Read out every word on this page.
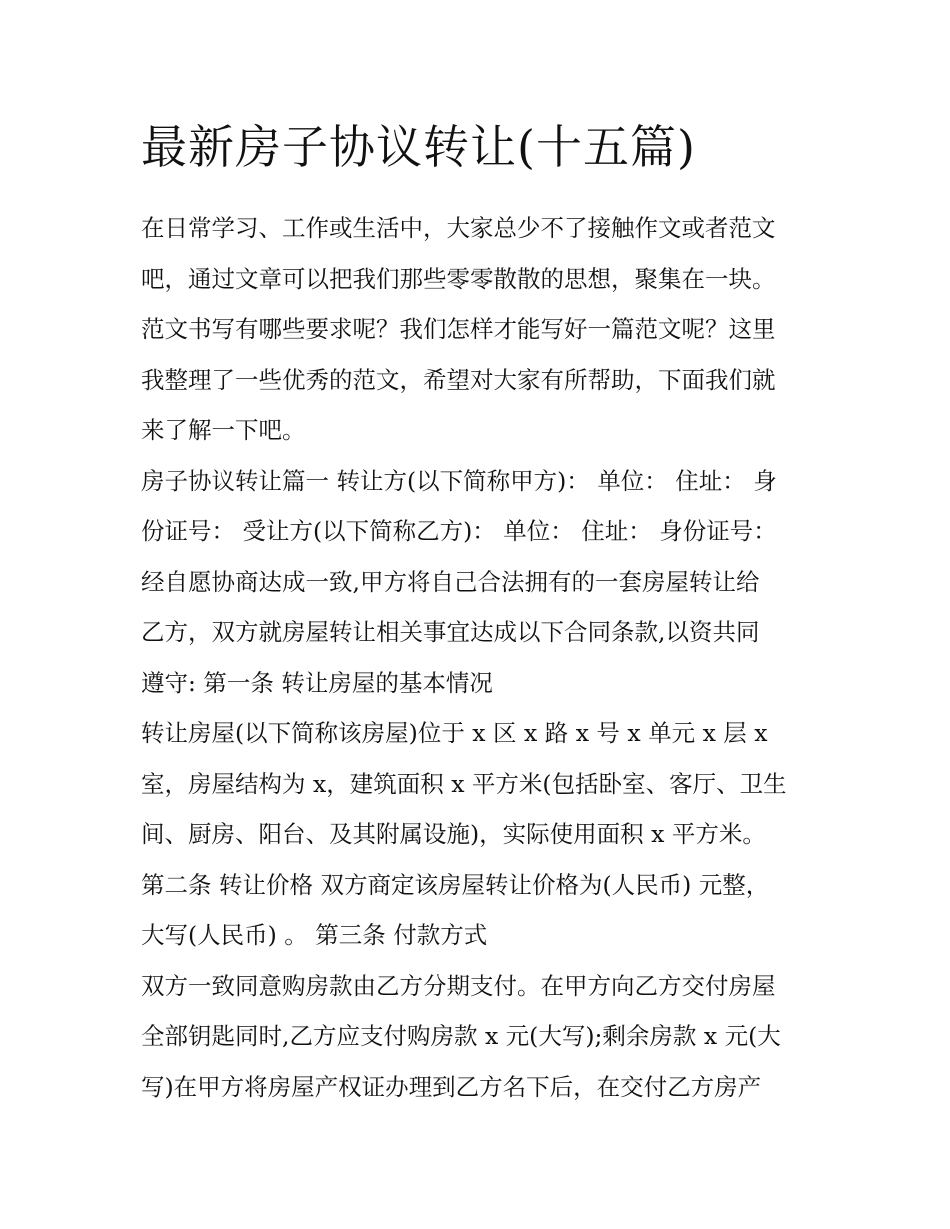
最新房子协议转让(十五篇)

在日常学习、工作或生活中，大家总少不了接触作文或者范文

吧，通过文章可以把我们那些零零散散的思想，聚集在一块。

范文书写有哪些要求呢？我们怎样才能写好一篇范文呢？这里

我整理了一些优秀的范文，希望对大家有所帮助，下面我们就

来了解一下吧。

房子协议转让篇一 转让方(以下简称甲方)： 单位： 住址： 身

份证号： 受让方(以下简称乙方)： 单位： 住址： 身份证号：

经自愿协商达成一致,甲方将自己合法拥有的一套房屋转让给

乙方，双方就房屋转让相关事宜达成以下合同条款,以资共同

遵守: 第一条 转让房屋的基本情况

转让房屋(以下简称该房屋)位于 x 区 x 路 x 号 x 单元 x 层 x

室，房屋结构为 x，建筑面积 x 平方米(包括卧室、客厅、卫生

间、厨房、阳台、及其附属设施)，实际使用面积 x 平方米。

第二条 转让价格 双方商定该房屋转让价格为(人民币) 元整，

大写(人民币) 。 第三条 付款方式

双方一致同意购房款由乙方分期支付。在甲方向乙方交付房屋

全部钥匙同时,乙方应支付购房款 x 元(大写);剩余房款 x 元(大

写)在甲方将房屋产权证办理到乙方名下后，在交付乙方房产
